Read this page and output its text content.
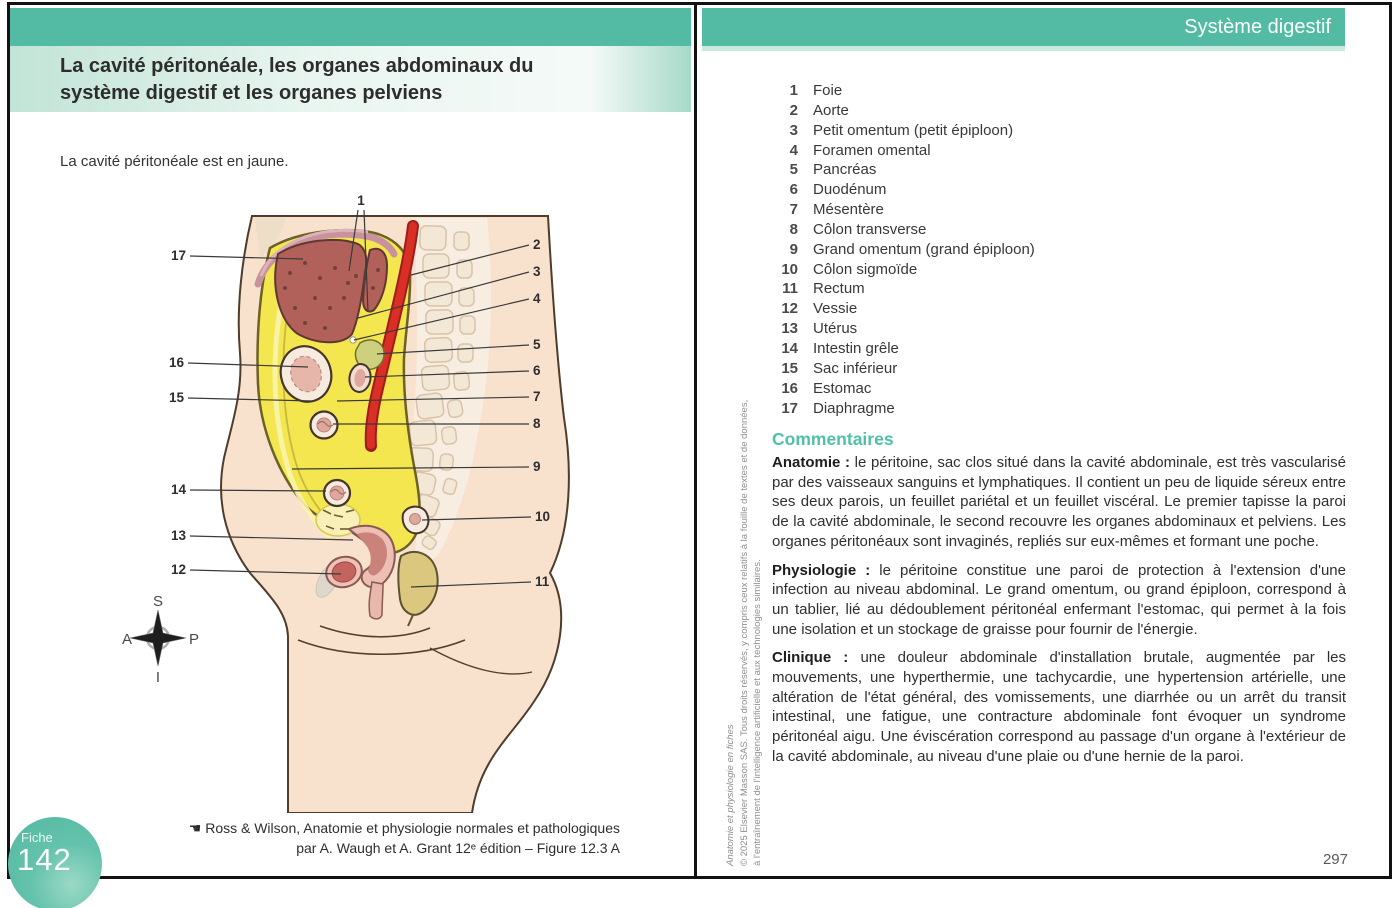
La cavité péritonéale, les organes abdominaux du système digestif et les organes pelviens
La cavité péritonéale est en jaune.
S
I
A	P
1
2
3
4
5
6
7
8
9
10
11
12
13
14
15
16
17
Fiche
142
☚ Ross & Wilson, Anatomie et physiologie normales et pathologiques
par A. Waugh et A. Grant 12ᵉ édition – Figure 12.3 A
Système digestif
1 Foie
2 Aorte
3 Petit omentum (petit épiploon)
4 Foramen omental
5 Pancréas
6 Duodénum
7 Mésentère
8 Côlon transverse
9 Grand omentum (grand épiploon)
10 Côlon sigmoïde
11 Rectum
12 Vessie
13 Utérus
14 Intestin grêle
15 Sac inférieur
16 Estomac
17 Diaphragme
Commentaires

Anatomie : le péritoine, sac clos situé dans la cavité abdominale, est très vascularisé par des vaisseaux sanguins et lymphatiques. Il contient un peu de liquide séreux entre ses deux parois, un feuillet pariétal et un feuillet viscéral. Le premier tapisse la paroi de la cavité abdominale, le second recouvre les organes abdominaux et pelviens. Les organes péritonéaux sont invaginés, repliés sur eux-mêmes et formant une poche.

Physiologie : le péritoine constitue une paroi de protection à l'extension d'une infection au niveau abdominal. Le grand omentum, ou grand épiploon, correspond à un tablier, lié au dédoublement péritonéal enfermant l'estomac, qui permet à la fois une isolation et un stockage de graisse pour fournir de l'énergie.

Clinique : une douleur abdominale d'installation brutale, augmentée par les mouvements, une hyperthermie, une tachycardie, une hypertension artérielle, une altération de l'état général, des vomissements, une diarrhée ou un arrêt du transit intestinal, une fatigue, une contracture abdominale font évoquer un syndrome péritonéal aigu. Une éviscération correspond au passage d'un organe à l'extérieur de la cavité abdominale, au niveau d'une plaie ou d'une hernie de la paroi.

Anatomie et physiologie en fiches © 2025 Elsevier Masson SAS. Tous droits réservés, y compris ceux relatifs à la fouille de textes et de données, à l'entraînement de l'intelligence artificielle et aux technologies similaires.	297
